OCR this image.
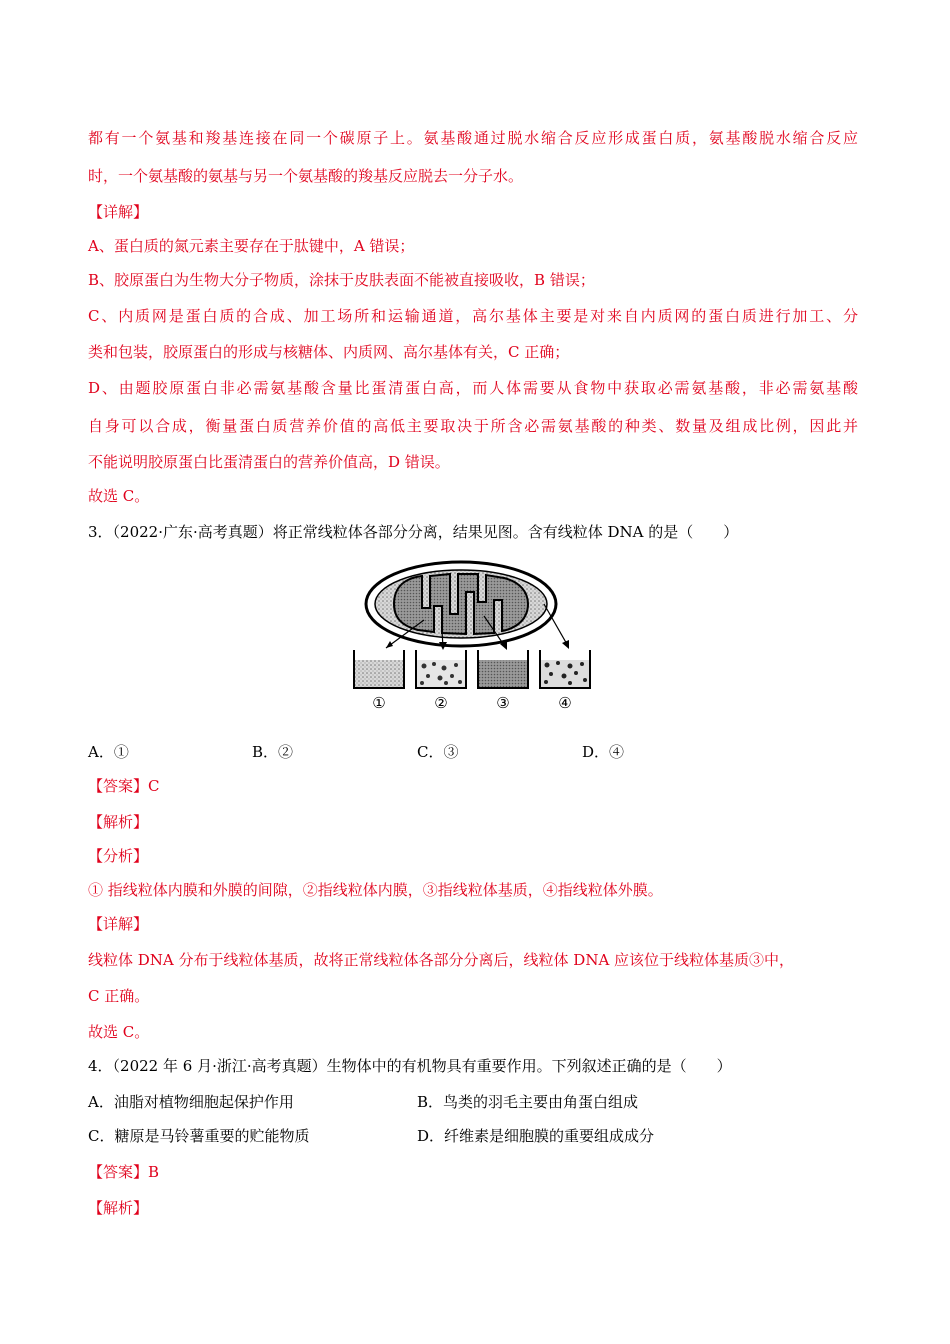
都有一个氨基和羧基连接在同一个碳原子上。氨基酸通过脱水缩合反应形成蛋白质，氨基酸脱水缩合反应
时，一个氨基酸的氨基与另一个氨基酸的羧基反应脱去一分子水。
【详解】
A、蛋白质的氮元素主要存在于肽键中，A 错误；
B、胶原蛋白为生物大分子物质，涂抹于皮肤表面不能被直接吸收，B 错误；
C、内质网是蛋白质的合成、加工场所和运输通道，高尔基体主要是对来自内质网的蛋白质进行加工、分
类和包装，胶原蛋白的形成与核糖体、内质网、高尔基体有关，C 正确；
D、由题胶原蛋白非必需氨基酸含量比蛋清蛋白高，而人体需要从食物中获取必需氨基酸，非必需氨基酸
自身可以合成，衡量蛋白质营养价值的高低主要取决于所含必需氨基酸的种类、数量及组成比例，因此并
不能说明胶原蛋白比蛋清蛋白的营养价值高，D 错误。
故选 C。
3．（2022·广东·高考真题）将正常线粒体各部分分离，结果见图。含有线粒体 DNA 的是（　　）
①	②	③	④
A．①	B．②	C．③	D．④
【答案】C
【解析】
【分析】
① 指线粒体内膜和外膜的间隙，②指线粒体内膜，③指线粒体基质，④指线粒体外膜。
【详解】
线粒体 DNA 分布于线粒体基质，故将正常线粒体各部分分离后，线粒体 DNA 应该位于线粒体基质③中，
C 正确。
故选 C。
4．（2022 年 6 月·浙江·高考真题）生物体中的有机物具有重要作用。下列叙述正确的是（　　）
A．油脂对植物细胞起保护作用	B．鸟类的羽毛主要由角蛋白组成
C．糖原是马铃薯重要的贮能物质	D．纤维素是细胞膜的重要组成成分
【答案】B
【解析】
